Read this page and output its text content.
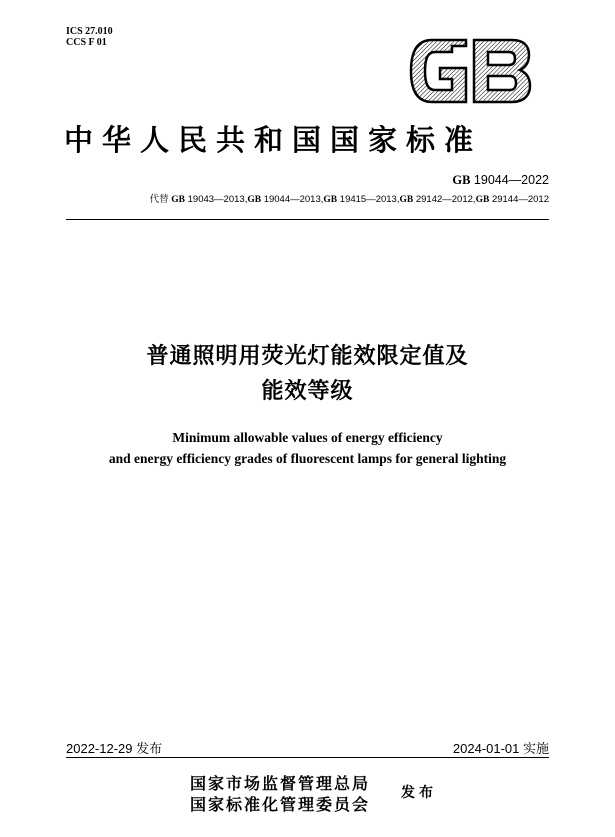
ICS 27.010
CCS F 01
中华人民共和国国家标准
GB 19044—2022
代替 GB 19043—2013,GB 19044—2013,GB 19415—2013,GB 29142—2012,GB 29144—2012
普通照明用荧光灯能效限定值及
能效等级
Minimum allowable values of energy efficiency
and energy efficiency grades of fluorescent lamps for general lighting
2022-12-29 发布	2024-01-01 实施
国家市场监督管理总局
国家标准化管理委员会
发布
